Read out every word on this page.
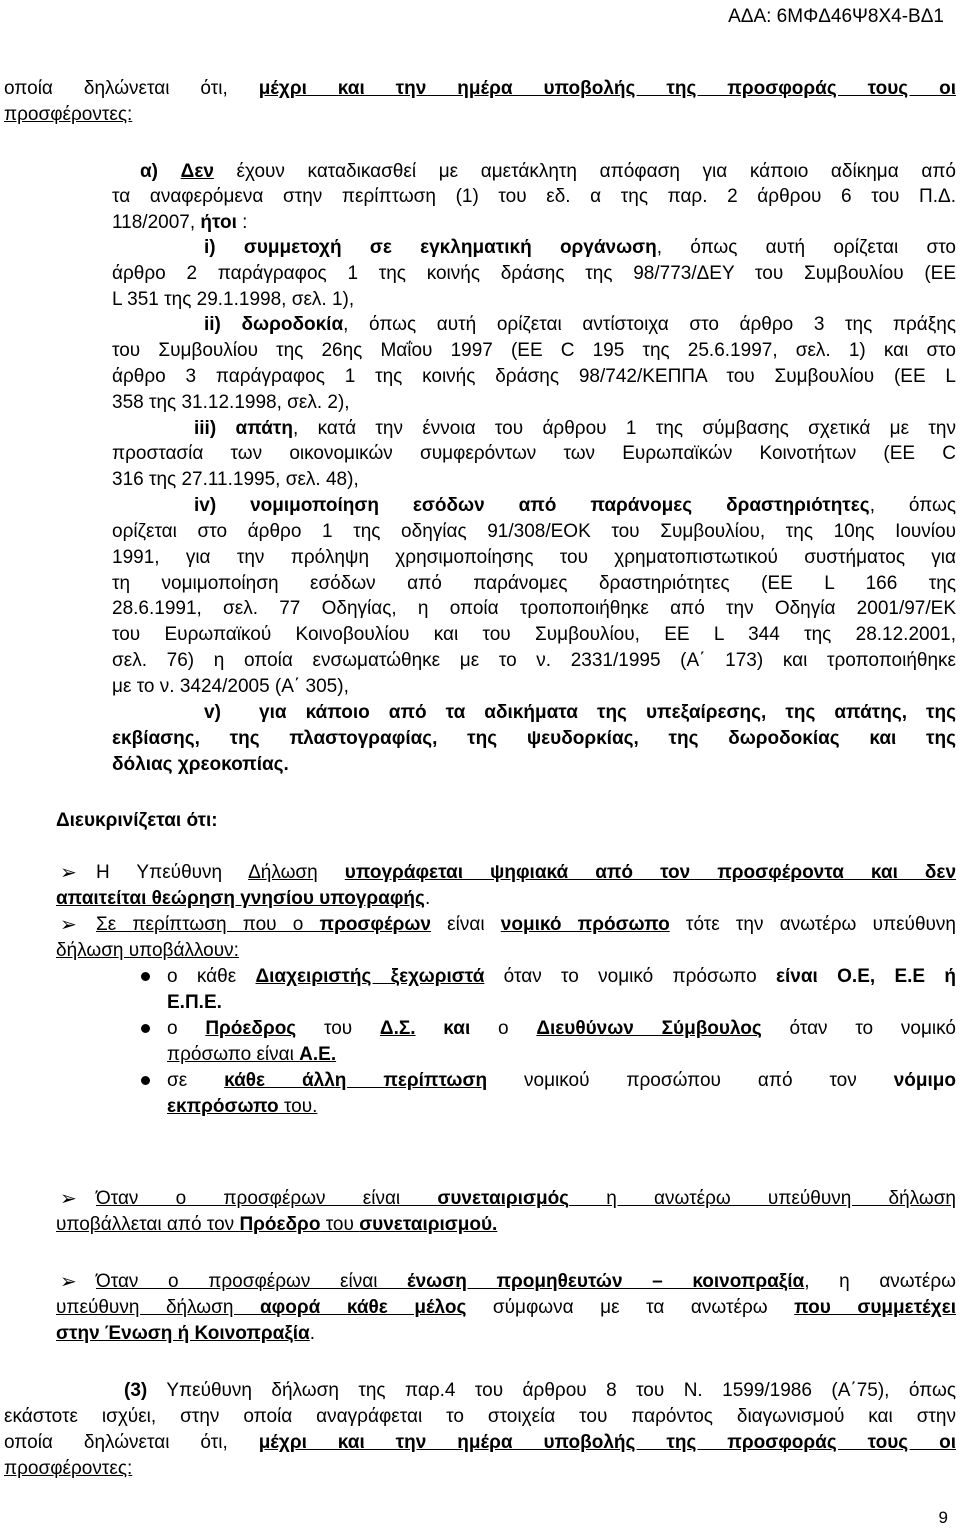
ΑΔΑ: 6ΜΦΔ46Ψ8Χ4-ΒΔ1
οποία δηλώνεται ότι, μέχρι και την ημέρα υποβολής της προσφοράς τους οι
προσφέροντες:
α) Δεν έχουν καταδικασθεί με αμετάκλητη απόφαση για κάποιο αδίκημα από
τα αναφερόμενα στην περίπτωση (1) του εδ. α της παρ. 2 άρθρου 6 του Π.Δ.
118/2007, ήτοι :
i) συμμετοχή σε εγκληματική οργάνωση, όπως αυτή ορίζεται στο
άρθρο 2 παράγραφος 1 της κοινής δράσης της 98/773/ΔΕΥ του Συμβουλίου (ΕΕ
L 351 της 29.1.1998, σελ. 1),
ii) δωροδοκία, όπως αυτή ορίζεται αντίστοιχα στο άρθρο 3 της πράξης
του Συμβουλίου της 26ης Μαΐου 1997 (ΕΕ C 195 της 25.6.1997, σελ. 1) και στο
άρθρο 3 παράγραφος 1 της κοινής δράσης 98/742/ΚΕΠΠΑ του Συμβουλίου (ΕΕ L
358 της 31.12.1998, σελ. 2),
iii) απάτη, κατά την έννοια του άρθρου 1 της σύμβασης σχετικά με την
προστασία των οικονομικών συμφερόντων των Ευρωπαϊκών Κοινοτήτων (ΕΕ C
316 της 27.11.1995, σελ. 48),
iv) νομιμοποίηση εσόδων από παράνομες δραστηριότητες, όπως
ορίζεται στο άρθρο 1 της οδηγίας 91/308/ΕΟΚ του Συμβουλίου, της 10ης Ιουνίου
1991, για την πρόληψη χρησιμοποίησης του χρηματοπιστωτικού συστήματος για
τη νομιμοποίηση εσόδων από παράνομες δραστηριότητες (ΕΕ L 166 της
28.6.1991, σελ. 77 Οδηγίας, η οποία τροποποιήθηκε από την Οδηγία 2001/97/ΕΚ
του Ευρωπαϊκού Κοινοβουλίου και του Συμβουλίου, ΕΕ L 344 της 28.12.2001,
σελ. 76) η οποία ενσωματώθηκε με το ν. 2331/1995 (Α΄ 173) και τροποποιήθηκε
με το ν. 3424/2005 (Α΄ 305),
v) για κάποιο από τα αδικήματα της υπεξαίρεσης, της απάτης, της
εκβίασης, της πλαστογραφίας, της ψευδορκίας, της δωροδοκίας και της
δόλιας χρεοκοπίας.
Διευκρινίζεται ότι:
➢ Η Υπεύθυνη Δήλωση υπογράφεται ψηφιακά από τον προσφέροντα και δεν
απαιτείται θεώρηση γνησίου υπογραφής.
➢ Σε περίπτωση που ο προσφέρων είναι νομικό πρόσωπο τότε την ανωτέρω υπεύθυνη
δήλωση υποβάλλουν:
ο κάθε Διαχειριστής ξεχωριστά όταν το νομικό πρόσωπο είναι Ο.Ε, Ε.Ε ή
Ε.Π.Ε.
ο Πρόεδρος του Δ.Σ. και ο Διευθύνων Σύμβουλος όταν το νομικό
πρόσωπο είναι Α.Ε.
σε κάθε άλλη περίπτωση νομικού προσώπου από τον νόμιμο
εκπρόσωπο του.
➢ Όταν ο προσφέρων είναι συνεταιρισμός η ανωτέρω υπεύθυνη δήλωση
υποβάλλεται από τον Πρόεδρο του συνεταιρισμού.
➢ Όταν ο προσφέρων είναι ένωση προμηθευτών – κοινοπραξία, η ανωτέρω
υπεύθυνη δήλωση αφορά κάθε μέλος σύμφωνα με τα ανωτέρω που συμμετέχει
στην Ένωση ή Κοινοπραξία.
(3) Υπεύθυνη δήλωση της παρ.4 του άρθρου 8 του Ν. 1599/1986 (Α΄75), όπως
εκάστοτε ισχύει, στην οποία αναγράφεται το στοιχεία του παρόντος διαγωνισμού και στην
οποία δηλώνεται ότι, μέχρι και την ημέρα υποβολής της προσφοράς τους οι
προσφέροντες:
9
